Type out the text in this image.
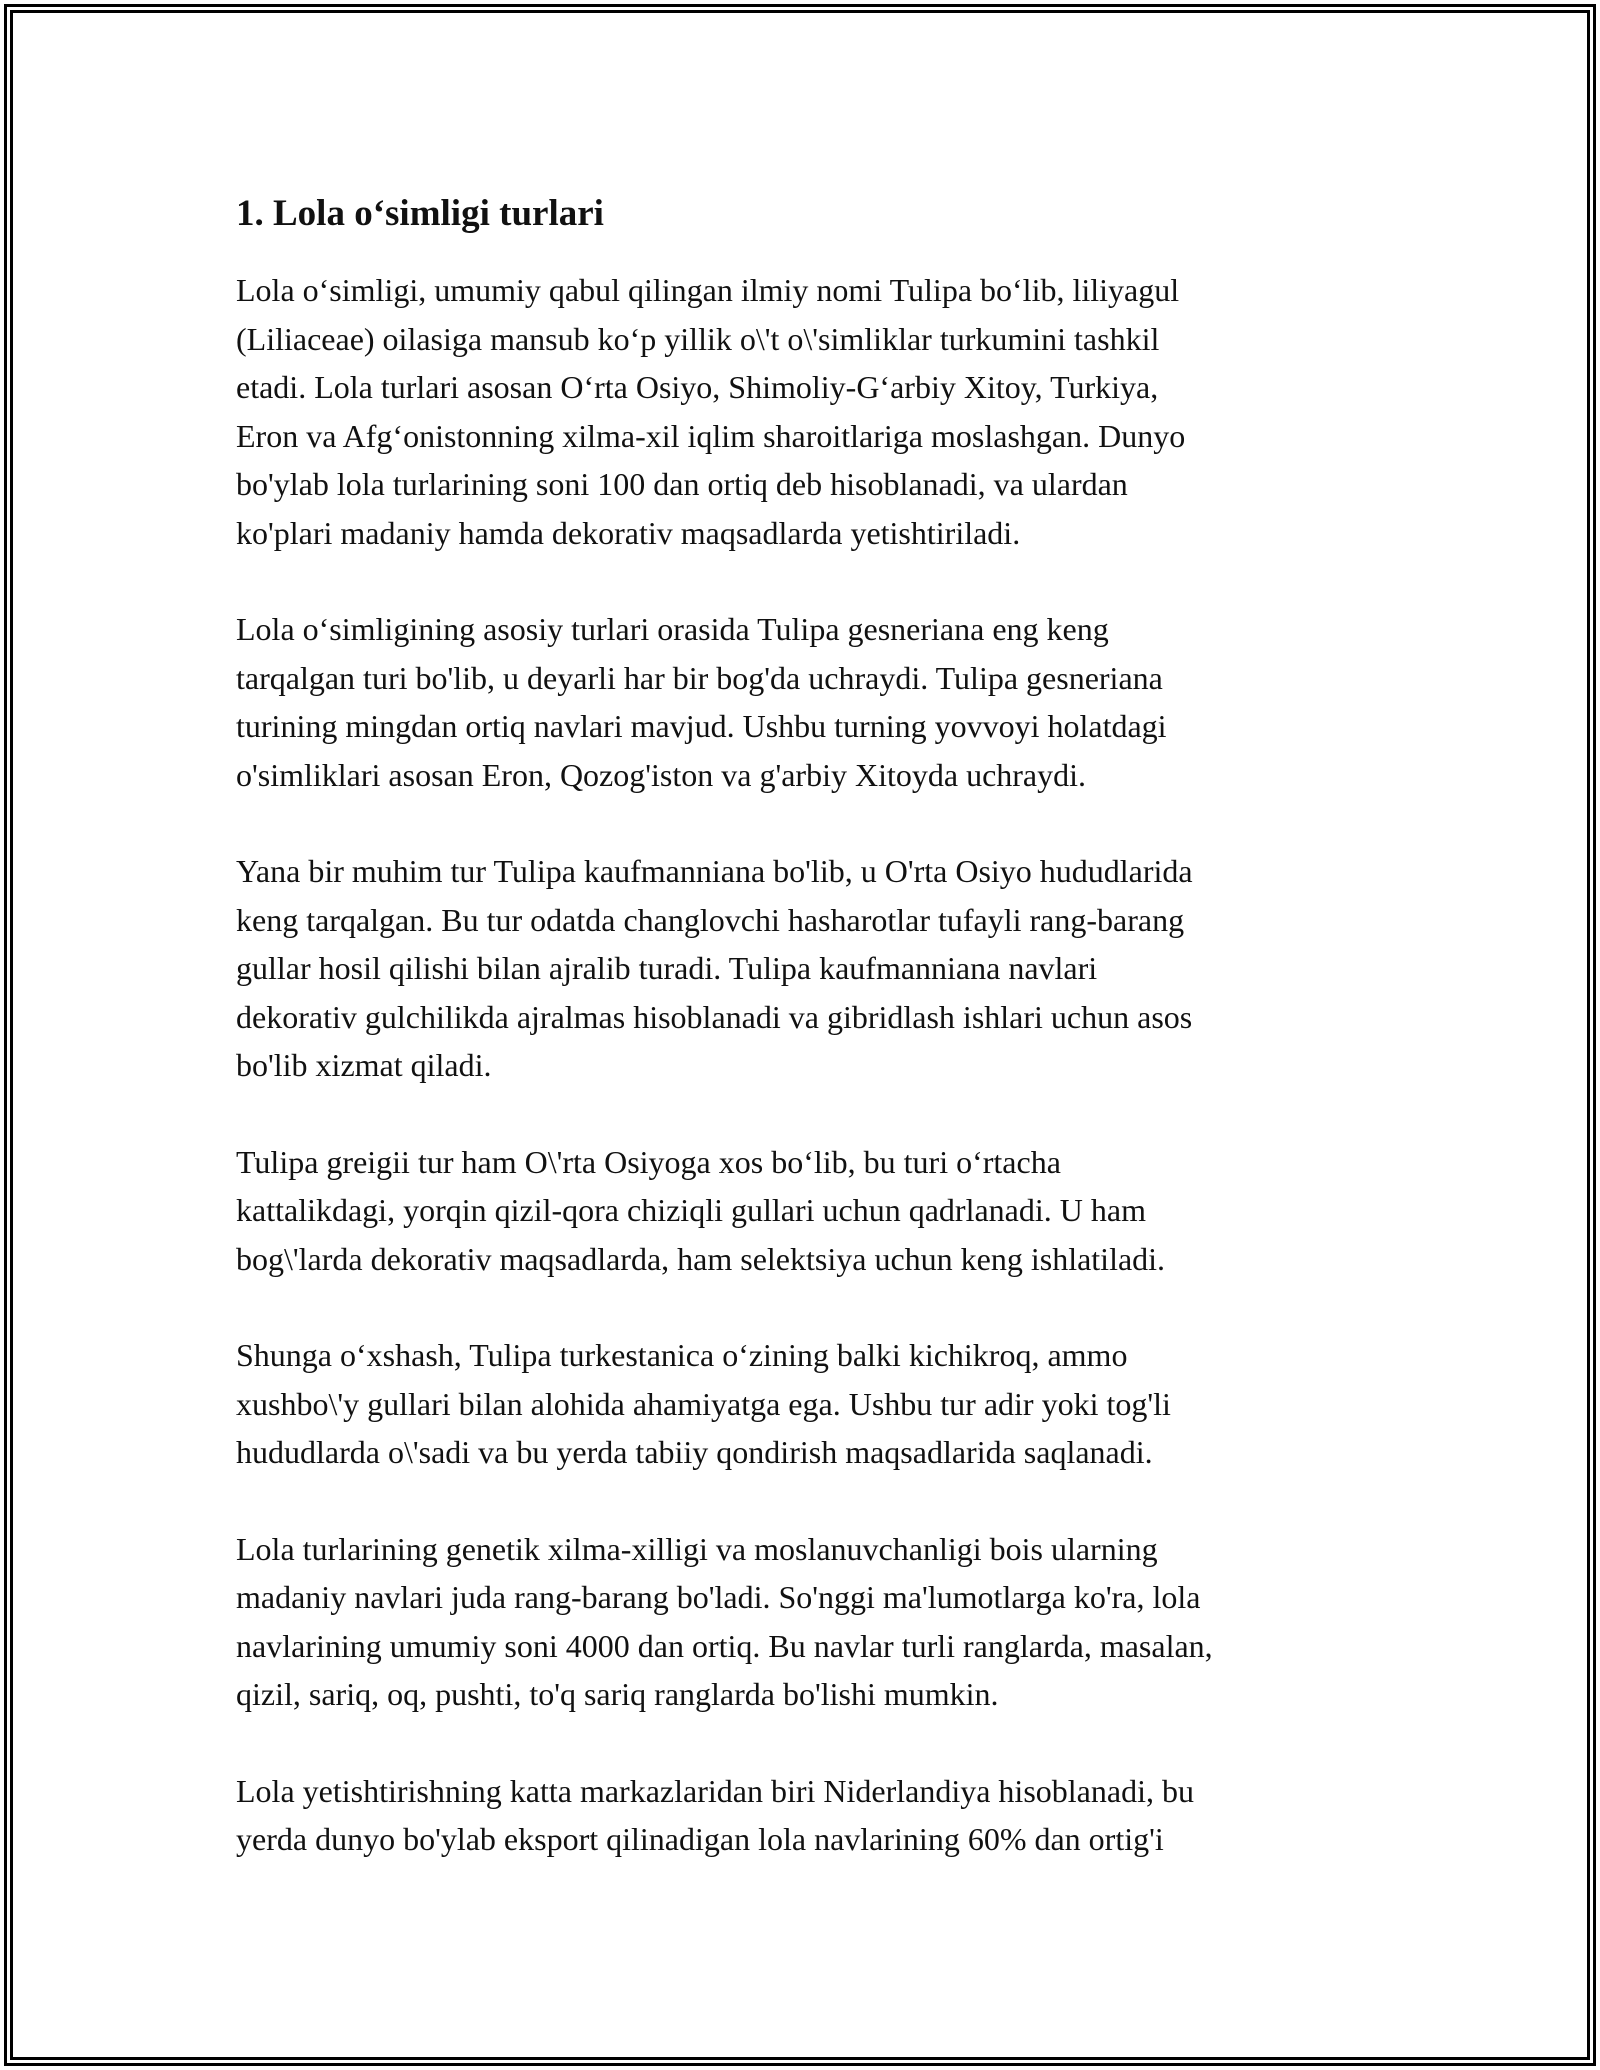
1. Lola o‘simligi turlari

Lola o‘simligi, umumiy qabul qilingan ilmiy nomi Tulipa bo‘lib, liliyagul
(Liliaceae) oilasiga mansub ko‘p yillik o\'t o\'simliklar turkumini tashkil
etadi. Lola turlari asosan O‘rta Osiyo, Shimoliy-G‘arbiy Xitoy, Turkiya,
Eron va Afg‘onistonning xilma-xil iqlim sharoitlariga moslashgan. Dunyo
bo'ylab lola turlarining soni 100 dan ortiq deb hisoblanadi, va ulardan
ko'plari madaniy hamda dekorativ maqsadlarda yetishtiriladi.

Lola o‘simligining asosiy turlari orasida Tulipa gesneriana eng keng
tarqalgan turi bo'lib, u deyarli har bir bog'da uchraydi. Tulipa gesneriana
turining mingdan ortiq navlari mavjud. Ushbu turning yovvoyi holatdagi
o'simliklari asosan Eron, Qozog'iston va g'arbiy Xitoyda uchraydi.

Yana bir muhim tur Tulipa kaufmanniana bo'lib, u O'rta Osiyo hududlarida
keng tarqalgan. Bu tur odatda changlovchi hasharotlar tufayli rang-barang
gullar hosil qilishi bilan ajralib turadi. Tulipa kaufmanniana navlari
dekorativ gulchilikda ajralmas hisoblanadi va gibridlash ishlari uchun asos
bo'lib xizmat qiladi.

Tulipa greigii tur ham O\'rta Osiyoga xos bo‘lib, bu turi o‘rtacha
kattalikdagi, yorqin qizil-qora chiziqli gullari uchun qadrlanadi. U ham
bog\'larda dekorativ maqsadlarda, ham selektsiya uchun keng ishlatiladi.

Shunga o‘xshash, Tulipa turkestanica o‘zining balki kichikroq, ammo
xushbo\'y gullari bilan alohida ahamiyatga ega. Ushbu tur adir yoki tog'li
hududlarda o\'sadi va bu yerda tabiiy qondirish maqsadlarida saqlanadi.

Lola turlarining genetik xilma-xilligi va moslanuvchanligi bois ularning
madaniy navlari juda rang-barang bo'ladi. So'nggi ma'lumotlarga ko'ra, lola
navlarining umumiy soni 4000 dan ortiq. Bu navlar turli ranglarda, masalan,
qizil, sariq, oq, pushti, to'q sariq ranglarda bo'lishi mumkin.

Lola yetishtirishning katta markazlaridan biri Niderlandiya hisoblanadi, bu
yerda dunyo bo'ylab eksport qilinadigan lola navlarining 60% dan ortig'i
